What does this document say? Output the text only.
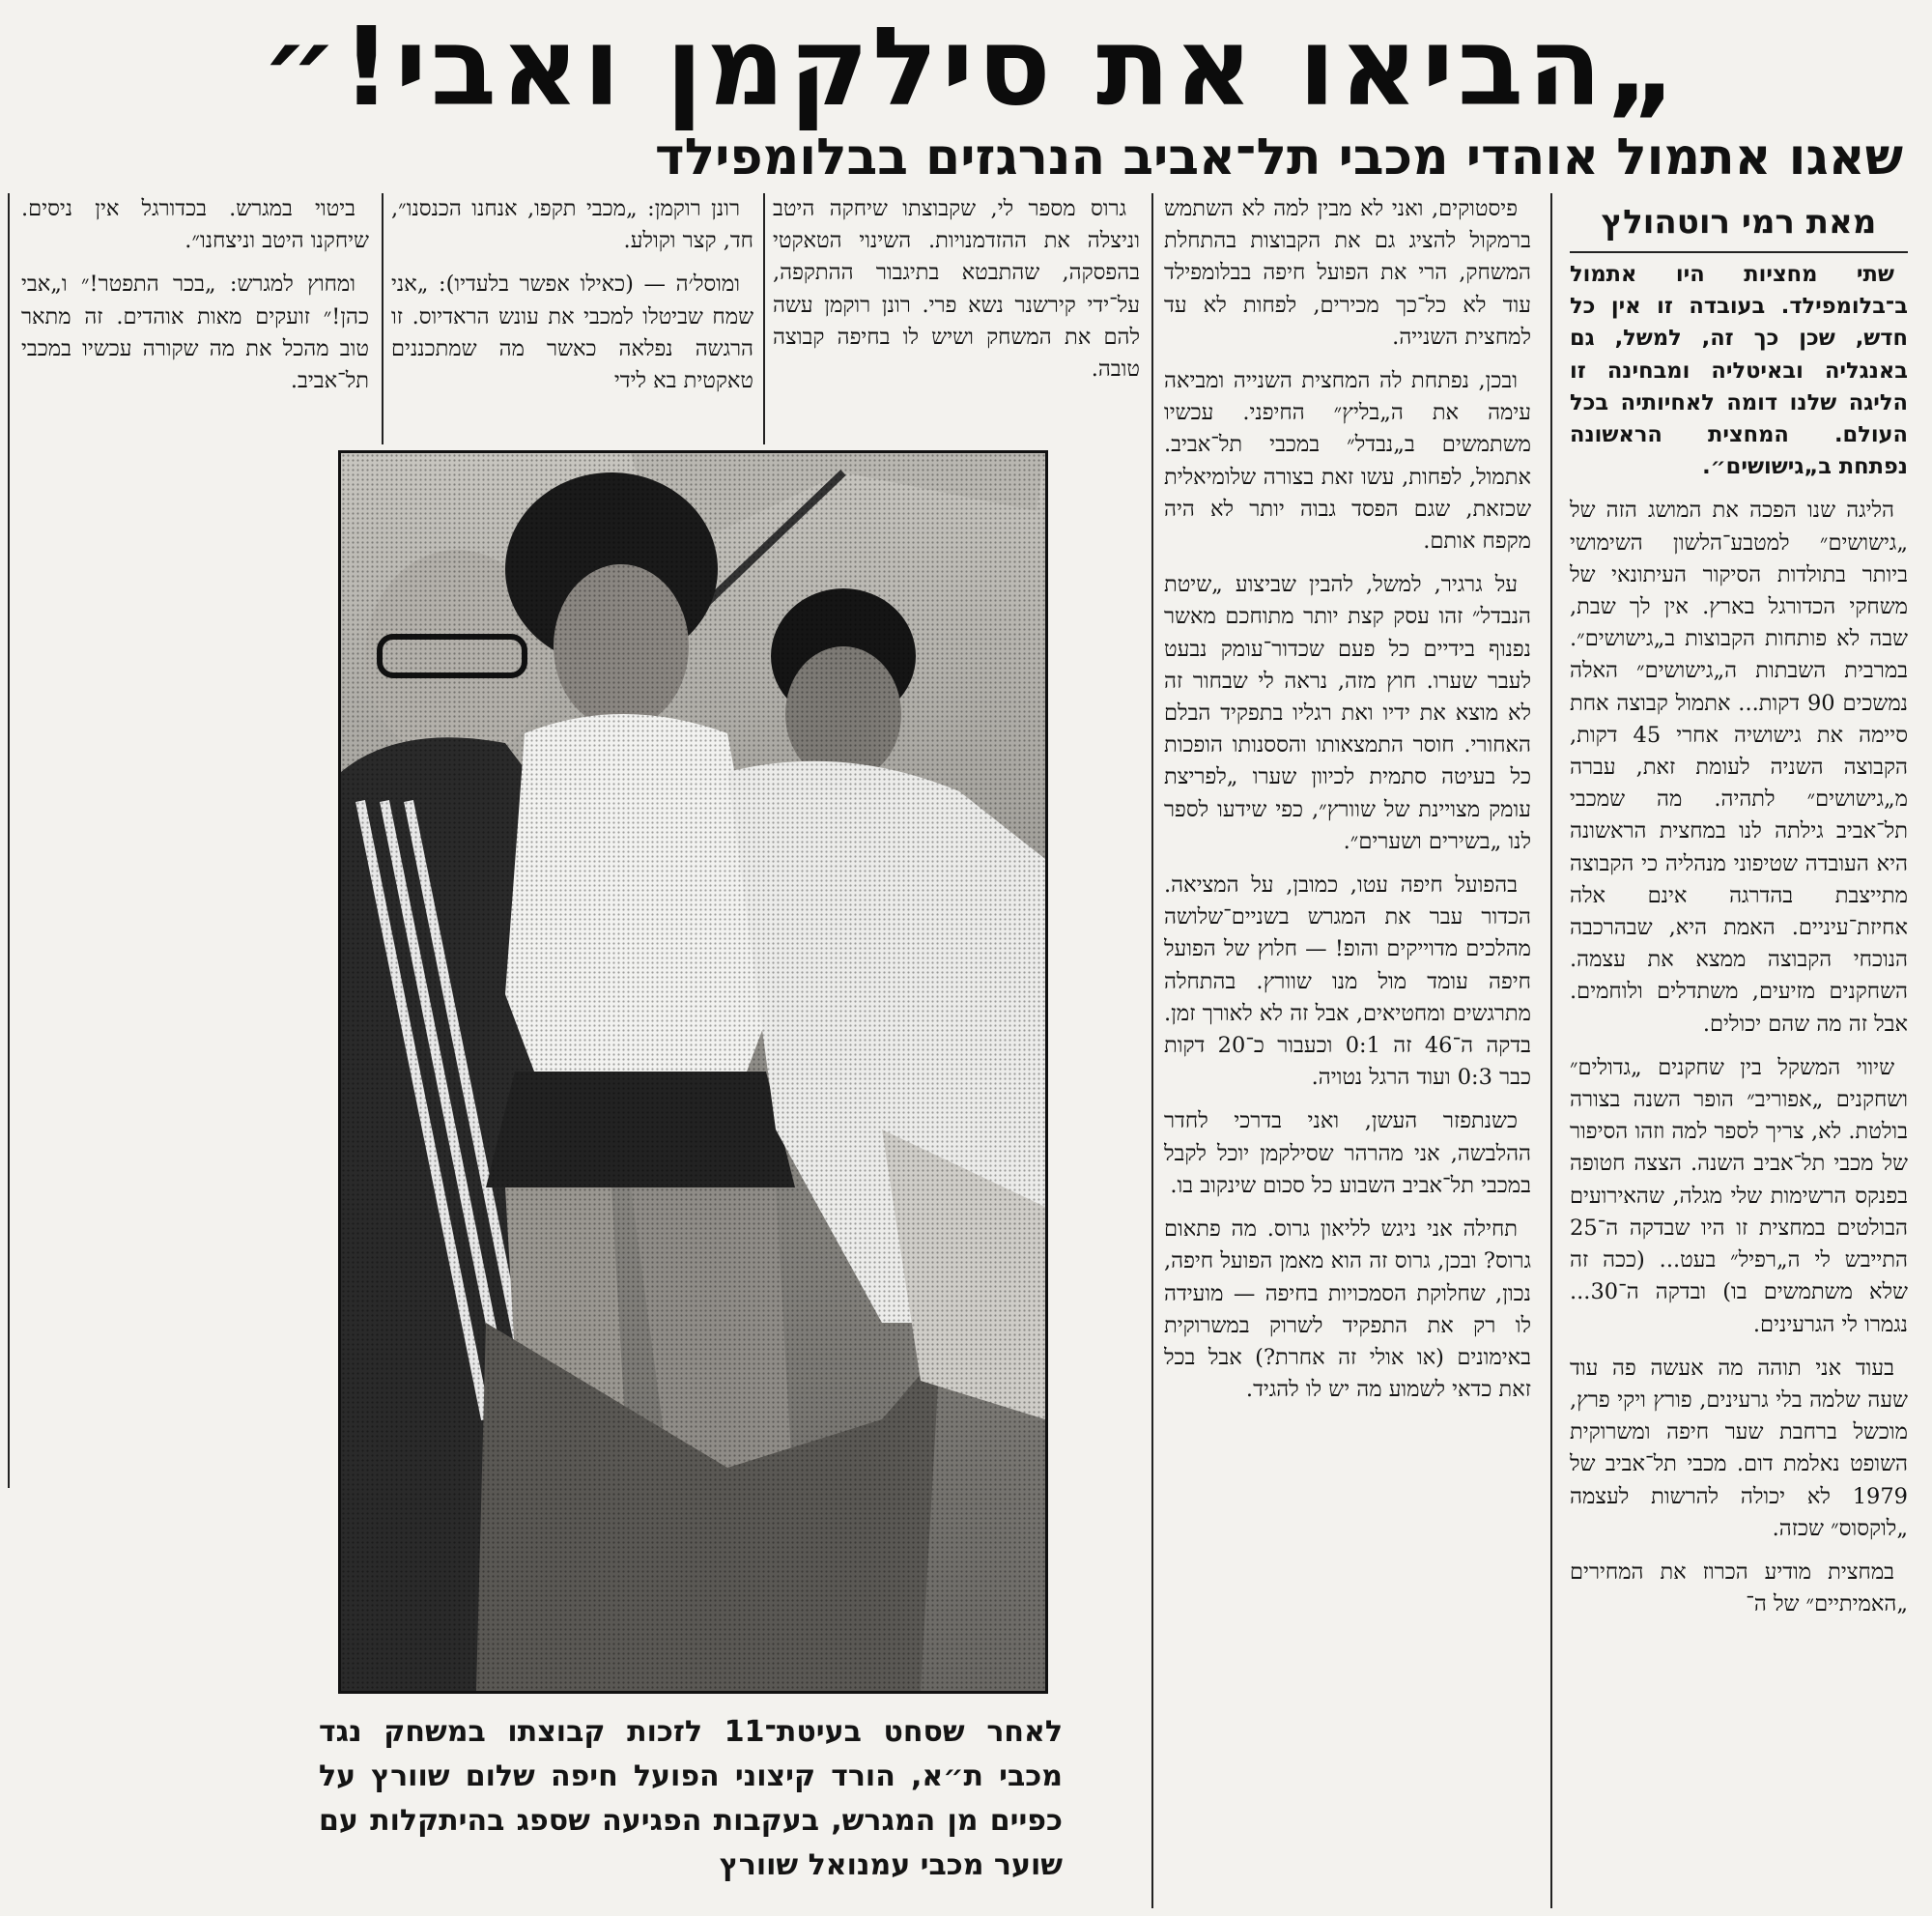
„הביאו את סילקמן ואבי!״
שאגו אתמול אוהדי מכבי תל־אביב הנרגזים בבלומפילד
מאת רמי רוטהולץ

שתי מחציות היו אתמול ב־בלומפילד. בעובדה זו אין כל חדש, שכן כך זה, למשל, גם באנגליה ובאיטליה ומבחינה זו הליגה שלנו דומה לאחיותיה בכל העולם. המחצית הראשונה נפתחת ב„גישושים״.

הליגה שנו הפכה את המושג הזה של „גישושים״ למטבע־הלשון השימושי ביותר בתולדות הסיקור העיתונאי של משחקי הכדורגל בארץ. אין לך שבת, שבה לא פותחות הקבוצות ב„גישושים״. במרבית השבתות ה„גישושים״ האלה נמשכים 90 דקות... אתמול קבוצה אחת סיימה את גישושיה אחרי 45 דקות, הקבוצה השניה לעומת זאת, עברה מ„גישושים״ לתהיה. מה שמכבי תל־אביב גילתה לנו במחצית הראשונה היא העובדה שטיפוני מנהליה כי הקבוצה מתייצבת בהדרגה אינם אלה אחיזת־עיניים. האמת היא, שבהרכבה הנוכחי הקבוצה ממצא את עצמה. השחקנים מזיעים, משתדלים ולוחמים. אבל זה מה שהם יכולים.

שיווי המשקל בין שחקנים „גדולים״ ושחקנים „אפוריב״ הופר השנה בצורה בולטת. לא, צריך לספר למה וזהו הסיפור של מכבי תל־אביב השנה. הצצה חטופה בפנקס הרשימות שלי מגלה, שהאירועים הבולטים במחצית זו היו שבדקה ה־25 התייבש לי ה„רפיל״ בעט... (ככה זה שלא משתמשים בו) ובדקה ה־30... נגמרו לי הגרעינים.

בעוד אני תוהה מה אעשה פה עוד שעה שלמה בלי גרעינים, פורץ ויקי פרץ, מוכשל ברחבת שער חיפה ומשרוקית השופט נאלמת דום. מכבי תל־אביב של 1979 לא יכולה להרשות לעצמה „לוקסוס״ שכזה.

במחצית מודיע הכרוז את המחירים „האמיתיים״ של ה־

פיסטוקים, ואני לא מבין למה לא השתמש ברמקול להציג גם את הקבוצות בהתחלת המשחק, הרי את הפועל חיפה בבלומפילד עוד לא כל־כך מכירים, לפחות לא עד למחצית השנייה.

ובכן, נפתחת לה המחצית השנייה ומביאה עימה את ה„בליץ״ החיפני. עכשיו משתמשים ב„נבדל״ במכבי תל־אביב. אתמול, לפחות, עשו זאת בצורה שלומיאלית שכזאת, שגם הפסד גבוה יותר לא היה מקפח אותם.

על גרגיר, למשל, להבין שביצוע „שיטת הנבדל״ זהו עסק קצת יותר מתוחכם מאשר נפנוף בידיים כל פעם שכדור־עומק נבעט לעבר שערו. חוץ מזה, נראה לי שבחור זה לא מוצא את ידיו ואת רגליו בתפקיד הבלם האחורי. חוסר התמצאותו והססנותו הופכות כל בעיטה סתמית לכיוון שערו „לפריצת עומק מצויינת של שוורץ״, כפי שידעו לספר לנו „בשירים ושערים״.

בהפועל חיפה עטו, כמובן, על המציאה. הכדור עבר את המגרש בשניים־שלושה מהלכים מדוייקים והופ! — חלוץ של הפועל חיפה עומד מול מנו שוורץ. בהתחלה מתרגשים ומחטיאים, אבל זה לא לאורך זמן. בדקה ה־46 זה 0:1 וכעבור כ־20 דקות כבר 0:3 ועוד הרגל נטויה.

כשנתפזר העשן, ואני בדרכי לחדר ההלבשה, אני מהרהר שסילקמן יוכל לקבל במכבי תל־אביב השבוע כל סכום שינקוב בו.

תחילה אני ניגש לליאון גרוס. מה פתאום גרוס? ובכן, גרוס זה הוא מאמן הפועל חיפה, נכון, שחלוקת הסמכויות בחיפה — מועידה לו רק את התפקיד לשרוק במשרוקית באימונים (או אולי זה אחרת?) אבל בכל זאת כדאי לשמוע מה יש לו להגיד.

גרוס מספר לי, שקבוצתו שיחקה היטב וניצלה את ההזדמנויות. השינוי הטאקטי בהפסקה, שהתבטא בתיגבור ההתקפה, על־ידי קירשנר נשא פרי. רונן רוקמן עשה להם את המשחק ושיש לו בחיפה קבוצה טובה.

רונן רוקמן: „מכבי תקפו, אנחנו הכנסנו״, חד, קצר וקולע.

ומוסל׳ה — (כאילו אפשר בלעדיו): „אני שמח שביטלו למכבי את עונש הראדיוס. זו הרגשה נפלאה כאשר מה שמתכננים טאקטית בא לידי

ביטוי במגרש. בכדורגל אין ניסים. שיחקנו היטב וניצחנו״.

ומחוץ למגרש: „בכר התפטר!״ ו„אבי כהן!״ זועקים מאות אוהדים. זה מתאר טוב מהכל את מה שקורה עכשיו במכבי תל־אביב.

לאחר שסחט בעיטת־11 לזכות קבוצתו במשחק נגד מכבי ת״א, הורד קיצוני הפועל חיפה שלום שוורץ על כפיים מן המגרש, בעקבות הפגיעה שספג בהיתקלות עם שוער מכבי עמנואל שוורץ
